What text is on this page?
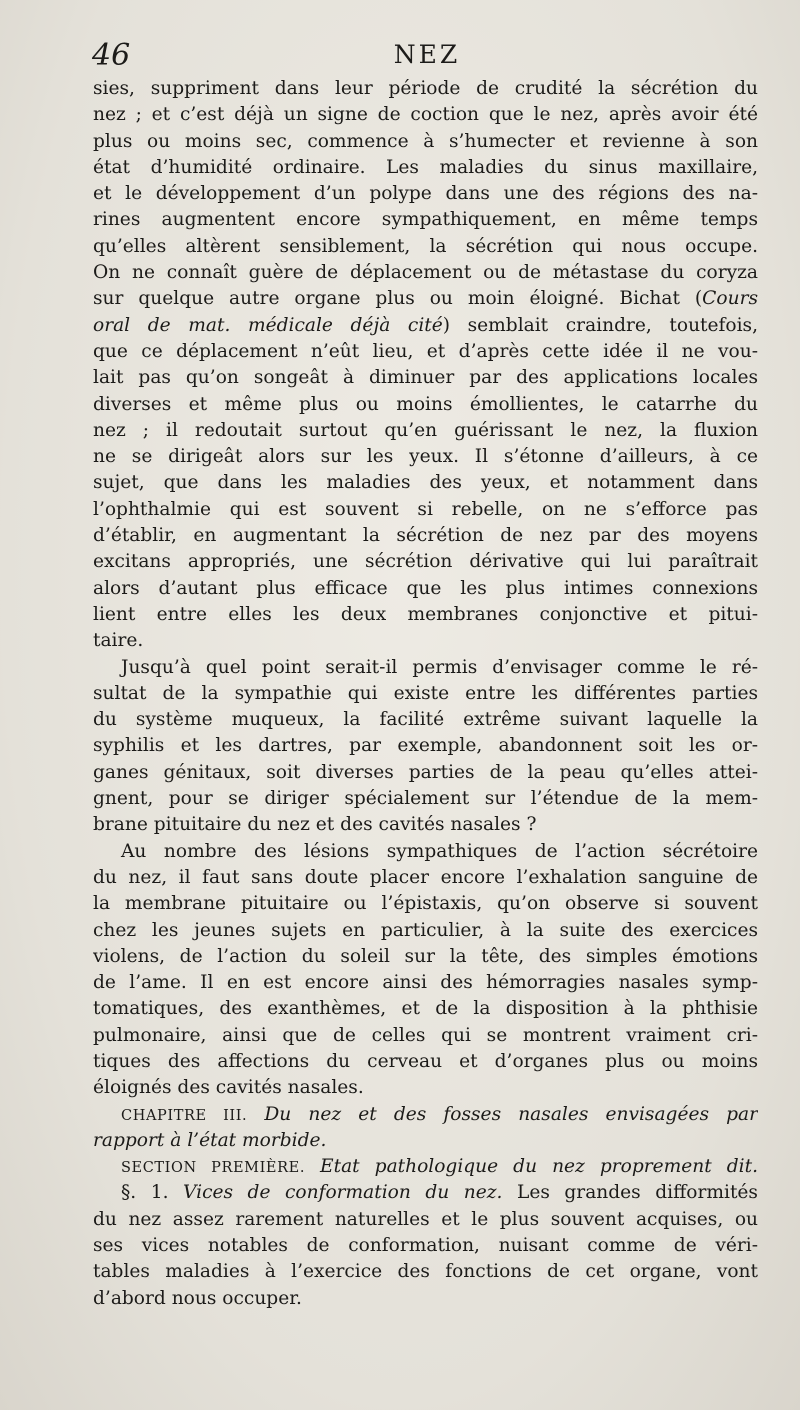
46	NEZ
sies, suppriment dans leur période de crudité la sécrétion du
nez ; et c’est déjà un signe de coction que le nez, après avoir été
plus ou moins sec, commence à s’humecter et revienne à son
état d’humidité ordinaire. Les maladies du sinus maxillaire,
et le développement d’un polype dans une des régions des na-
rines augmentent encore sympathiquement, en même temps
qu’elles altèrent sensiblement, la sécrétion qui nous occupe.
On ne connaît guère de déplacement ou de métastase du coryza
sur quelque autre organe plus ou moin éloigné. Bichat (Cours
oral de mat. médicale déjà cité) semblait craindre, toutefois,
que ce déplacement n’eût lieu, et d’après cette idée il ne vou-
lait pas qu’on songeât à diminuer par des applications locales
diverses et même plus ou moins émollientes, le catarrhe du
nez ; il redoutait surtout qu’en guérissant le nez, la fluxion
ne se dirigeât alors sur les yeux. Il s’étonne d’ailleurs, à ce
sujet, que dans les maladies des yeux, et notamment dans
l’ophthalmie qui est souvent si rebelle, on ne s’efforce pas
d’établir, en augmentant la sécrétion de nez par des moyens
excitans appropriés, une sécrétion dérivative qui lui paraîtrait
alors d’autant plus efficace que les plus intimes connexions
lient entre elles les deux membranes conjonctive et pitui-
taire.
Jusqu’à quel point serait-il permis d’envisager comme le ré-
sultat de la sympathie qui existe entre les différentes parties
du système muqueux, la facilité extrême suivant laquelle la
syphilis et les dartres, par exemple, abandonnent soit les or-
ganes génitaux, soit diverses parties de la peau qu’elles attei-
gnent, pour se diriger spécialement sur l’étendue de la mem-
brane pituitaire du nez et des cavités nasales ?
Au nombre des lésions sympathiques de l’action sécrétoire
du nez, il faut sans doute placer encore l’exhalation sanguine de
la membrane pituitaire ou l’épistaxis, qu’on observe si souvent
chez les jeunes sujets en particulier, à la suite des exercices
violens, de l’action du soleil sur la tête, des simples émotions
de l’ame. Il en est encore ainsi des hémorragies nasales symp-
tomatiques, des exanthèmes, et de la disposition à la phthisie
pulmonaire, ainsi que de celles qui se montrent vraiment cri-
tiques des affections du cerveau et d’organes plus ou moins
éloignés des cavités nasales.
CHAPITRE III. Du nez et des fosses nasales envisagées par
rapport à l’état morbide.
SECTION PREMIÈRE. Etat pathologique du nez proprement dit.
§. 1. Vices de conformation du nez. Les grandes difformités
du nez assez rarement naturelles et le plus souvent acquises, ou
ses vices notables de conformation, nuisant comme de véri-
tables maladies à l’exercice des fonctions de cet organe, vont
d’abord nous occuper.
